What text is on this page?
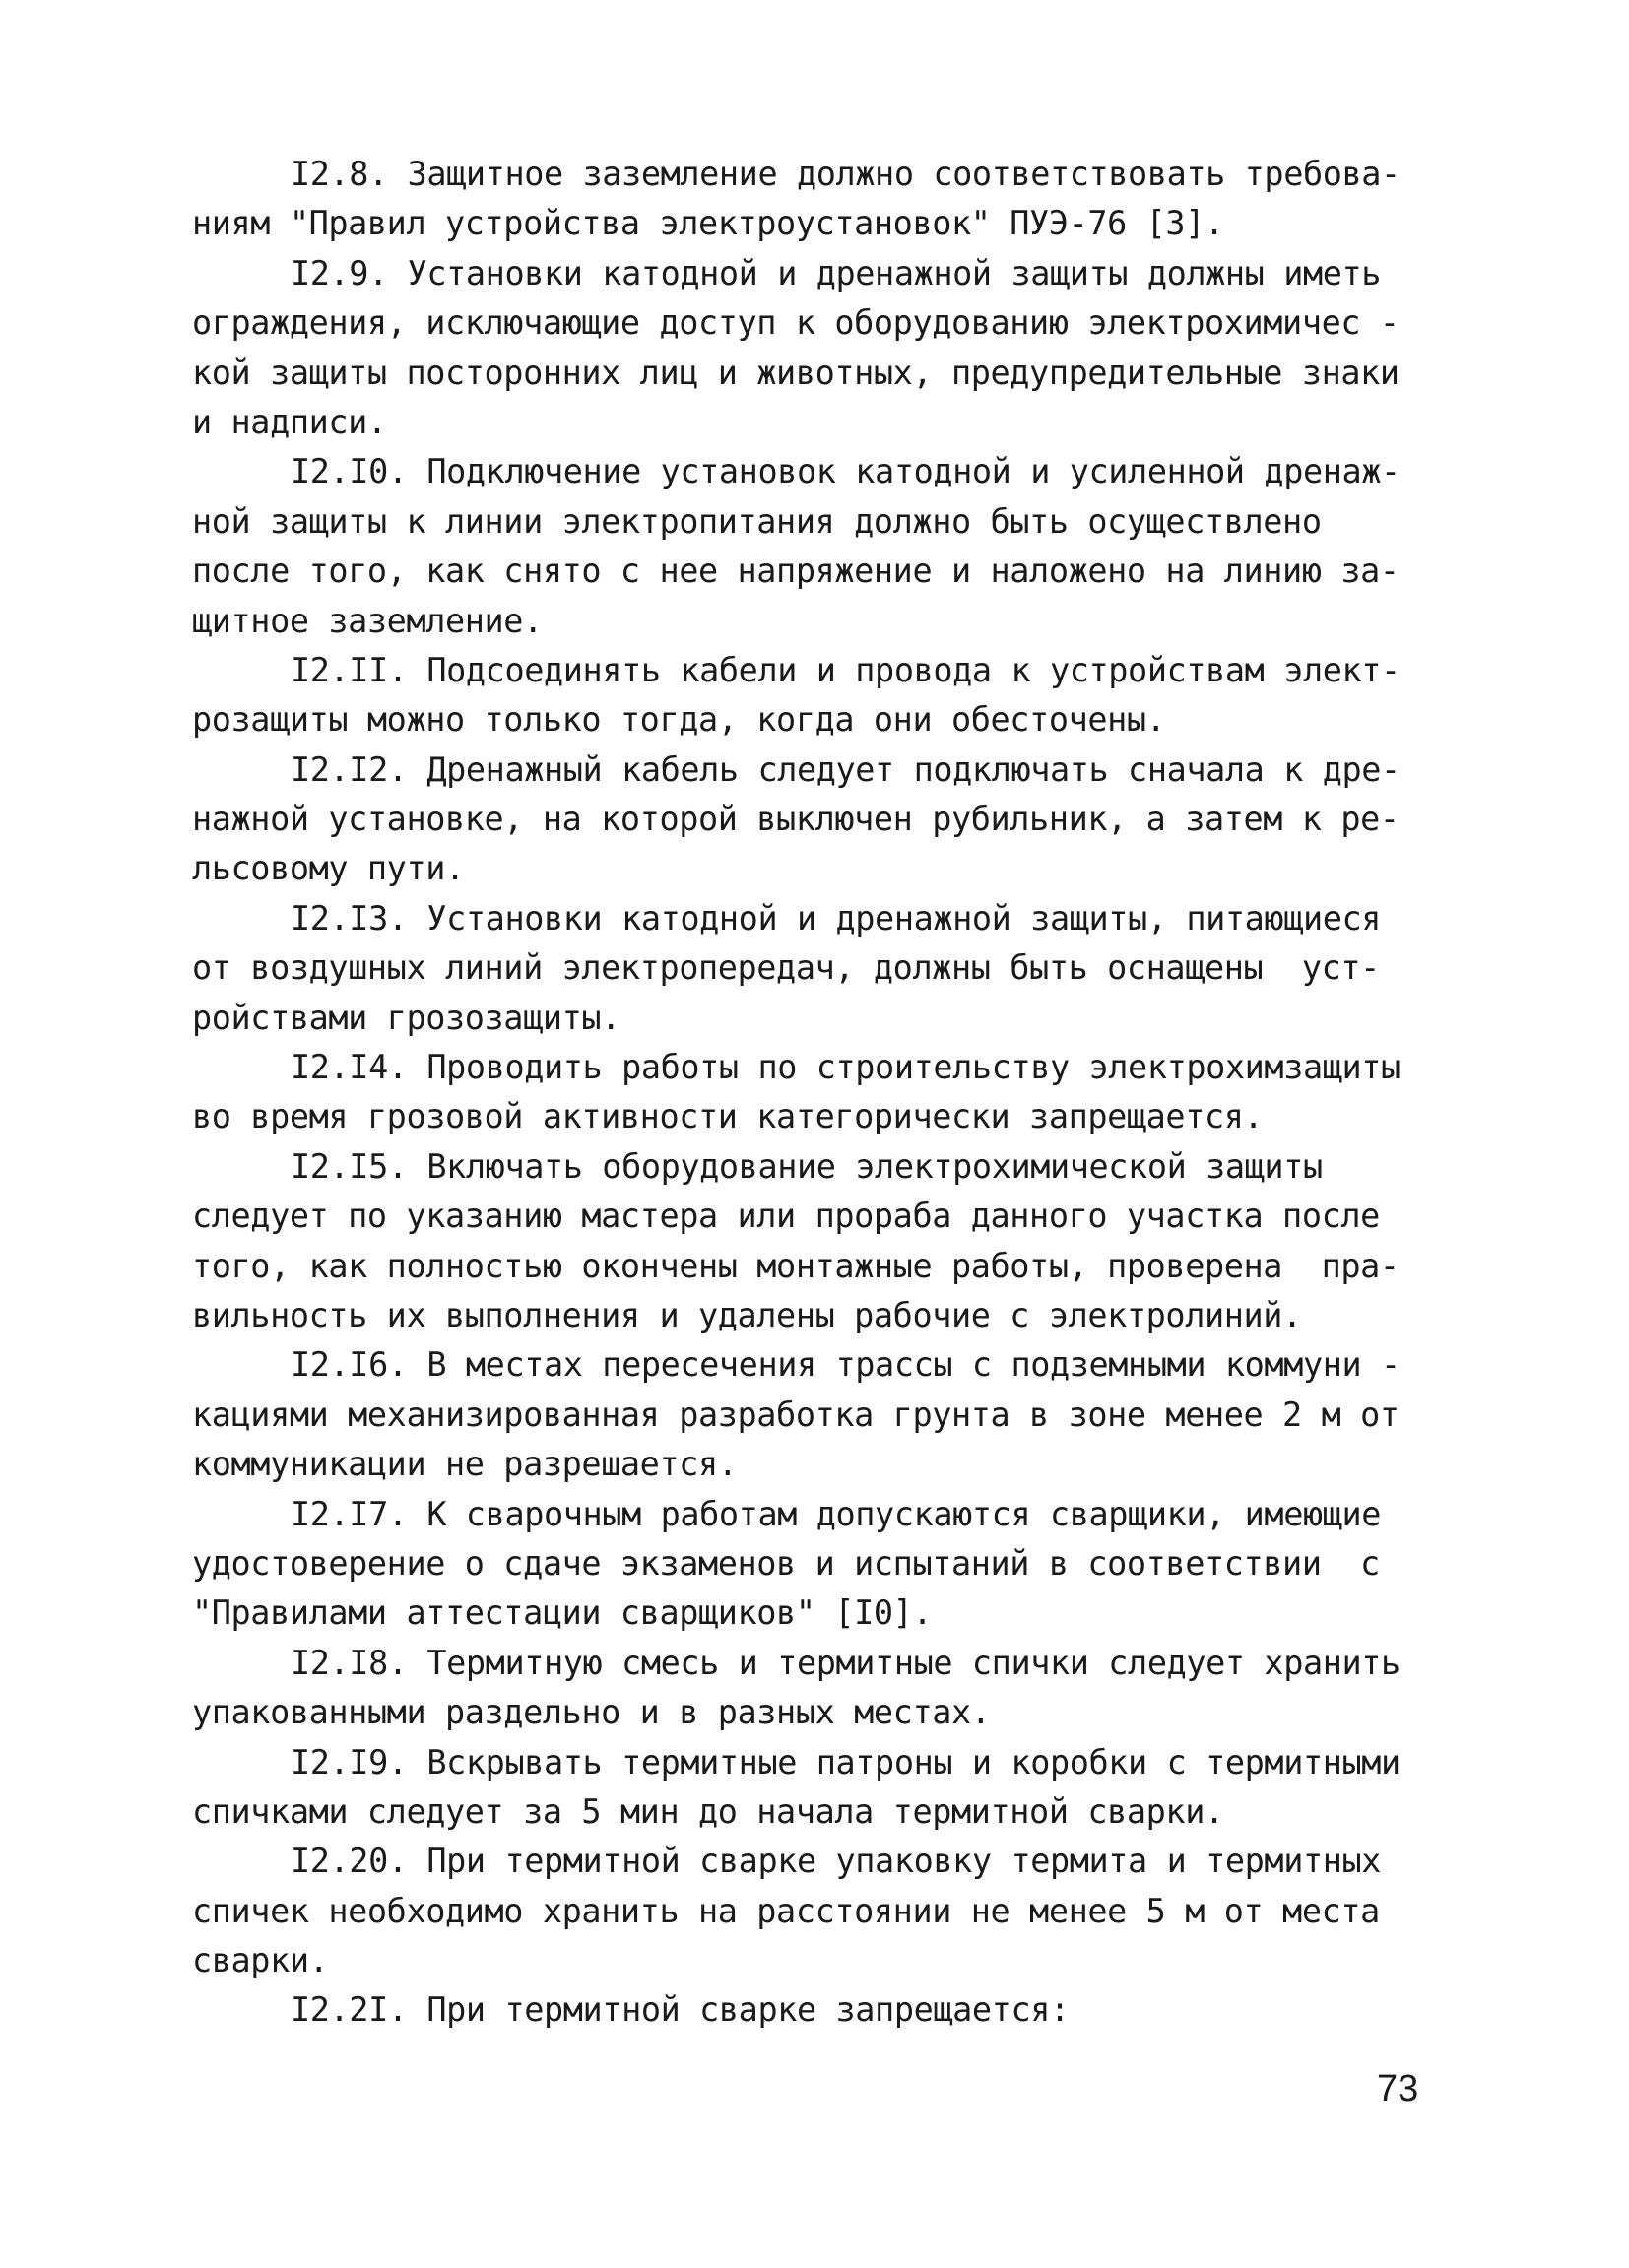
I2.8. Защитное заземление должно соответствовать требова-
ниям "Правил устройства электроустановок" ПУЭ-76 [3].
I2.9. Установки катодной и дренажной защиты должны иметь
ограждения, исключающие доступ к оборудованию электрохимичес -
кой защиты посторонних лиц и животных, предупредительные знаки
и надписи.
I2.I0. Подключение установок катодной и усиленной дренаж-
ной защиты к линии электропитания должно быть осуществлено
после того, как снято с нее напряжение и наложено на линию за-
щитное заземление.
I2.II. Подсоединять кабели и провода к устройствам элект-
розащиты можно только тогда, когда они обесточены.
I2.I2. Дренажный кабель следует подключать сначала к дре-
нажной установке, на которой выключен рубильник, а затем к ре-
льсовому пути.
I2.I3. Установки катодной и дренажной защиты, питающиеся
от воздушных линий электропередач, должны быть оснащены  уст-
ройствами грозозащиты.
I2.I4. Проводить работы по строительству электрохимзащиты
во время грозовой активности категорически запрещается.
I2.I5. Включать оборудование электрохимической защиты
следует по указанию мастера или прораба данного участка после
того, как полностью окончены монтажные работы, проверена  пра-
вильность их выполнения и удалены рабочие с электролиний.
I2.I6. В местах пересечения трассы с подземными коммуни -
кациями механизированная разработка грунта в зоне менее 2 м от
коммуникации не разрешается.
I2.I7. К сварочным работам допускаются сварщики, имеющие
удостоверение о сдаче экзаменов и испытаний в соответствии  с
"Правилами аттестации сварщиков" [I0].
I2.I8. Термитную смесь и термитные спички следует хранить
упакованными раздельно и в разных местах.
I2.I9. Вскрывать термитные патроны и коробки с термитными
спичками следует за 5 мин до начала термитной сварки.
I2.20. При термитной сварке упаковку термита и термитных
спичек необходимо хранить на расстоянии не менее 5 м от места
сварки.
I2.2I. При термитной сварке запрещается:
73
